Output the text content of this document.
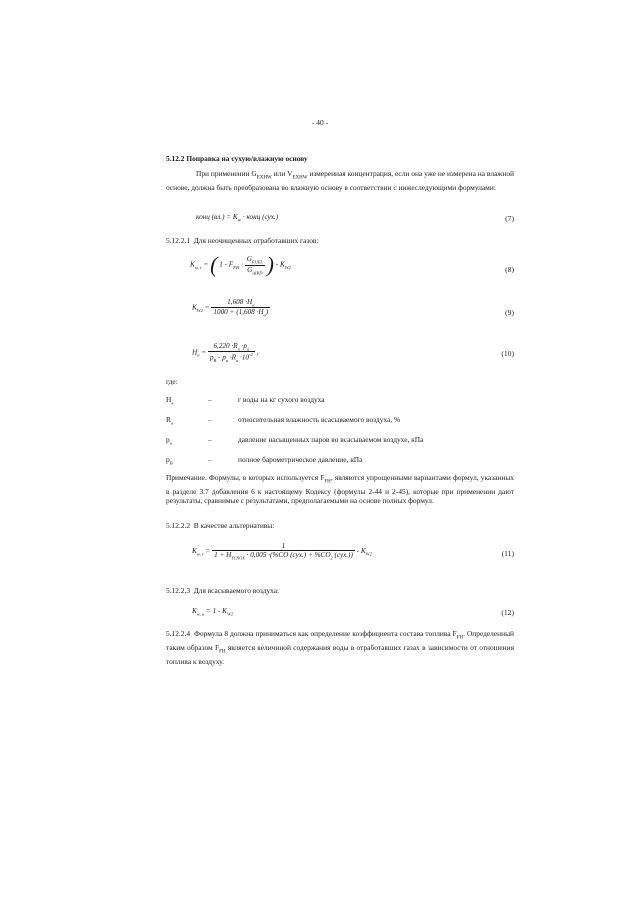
- 40 -
5.12.2 Поправка на сухую/влажную основу
При применении $G_{EXHW}$ или $V_{EXHW}$ измеренная концентрация, если она уже не измерена на влажной основе, должна быть преобразована во влажную основу в соответствии с нижеследующими формулами:
конц $(вл.) = K_w$ · конц (сух.)	(7)
5.12.2.1 Для неочищенных отработавших газов:
$K_{w, r}$ = ( $1 - F_{FH} \cdot \frac{G_{FUEL}}{G_{AIRD}}$ ) - $K_{W2}$	(8)
$K_{W2} = \frac{1,608 \cdot H_a}{1000 + (1,608 \cdot H_a)}$	(9)
$H_a = \frac{6,220 \cdot R_a \cdot p_a}{p_B - p_a \cdot R_a \cdot 10^{-2}}$ ,	(10)
где:
$H_a$	–	г воды на кг сухого воздуха
$R_a$	–	относительная влажность всасываемого воздуха, %
$p_a$	–	давление насыщенных паров во всасываемом воздухе, кПа
$p_B$	–	полное барометрическое давление, кПа
Примечание. Формулы, в которых используется $F_{FH}$, являются упрощенными вариантами формул, указанных в разделе 3.7 добавления 6 к настоящему Кодексу (формулы 2-44 и 2-45), которые при применении дают результаты, сравнимые с результатами, предполагаемыми на основе полных формул.
5.12.2.2 В качестве альтернативы:
$K_{w, r} = \frac{1}{1 + H_{TCNOX} \cdot 0,005 \cdot(\%CO (сух.) + \%CO_2 (сух.))} - K_{W2}$	(11)
5.12.2.3 Для всасываемого воздуха:
$K_{w, a} = 1 - K_{W2}$	(12)
5.12.2.4 Формула 8 должна приниматься как определение коэффициента состава топлива $F_{FH}$. Определенный таким образом $F_{FH}$ является величиной содержания воды в отработавших газах в зависимости от отношения топлива к воздуху.
